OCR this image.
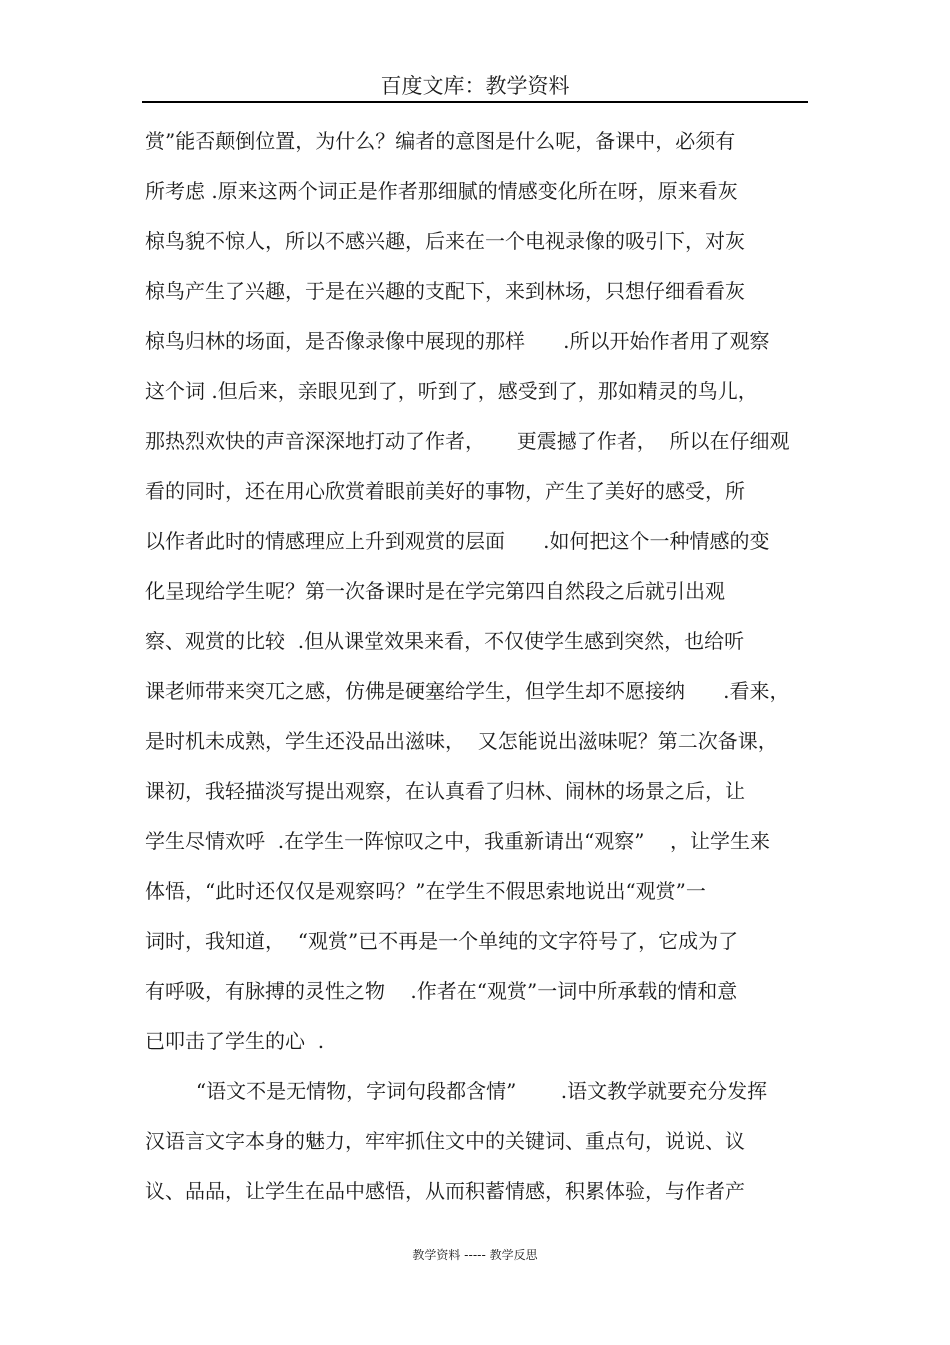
百度文库：教学资料
赏”能否颠倒位置，为什么？编者的意图是什么呢，备课中，必须有
所考虑 .原来这两个词正是作者那细腻的情感变化所在呀，原来看灰
椋鸟貌不惊人，所以不感兴趣，后来在一个电视录像的吸引下，对灰
椋鸟产生了兴趣，于是在兴趣的支配下，来到林场，只想仔细看看灰
椋鸟归林的场面，是否像录像中展现的那样      .所以开始作者用了观察
这个词 .但后来，亲眼见到了，听到了，感受到了，那如精灵的鸟儿，
那热烈欢快的声音深深地打动了作者，     更震撼了作者，  所以在仔细观
看的同时，还在用心欣赏着眼前美好的事物，产生了美好的感受，所
以作者此时的情感理应上升到观赏的层面      .如何把这个一种情感的变
化呈现给学生呢？第一次备课时是在学完第四自然段之后就引出观
察、观赏的比较  .但从课堂效果来看，不仅使学生感到突然，也给听
课老师带来突兀之感，仿佛是硬塞给学生，但学生却不愿接纳      .看来，
是时机未成熟，学生还没品出滋味，  又怎能说出滋味呢？第二次备课，
课初，我轻描淡写提出观察，在认真看了归林、闹林的场景之后，让
学生尽情欢呼  .在学生一阵惊叹之中，我重新请出“观察”    ，让学生来
体悟，“此时还仅仅是观察吗？”在学生不假思索地说出“观赏”一
词时，我知道，  “观赏”已不再是一个单纯的文字符号了，它成为了
有呼吸，有脉搏的灵性之物    .作者在“观赏”一词中所承载的情和意
已叩击了学生的心  .
“语文不是无情物，字词句段都含情”       .语文教学就要充分发挥
汉语言文字本身的魅力，牢牢抓住文中的关键词、重点句，说说、议
议、品品，让学生在品中感悟，从而积蓄情感，积累体验，与作者产
教学资料 ----- 教学反思
